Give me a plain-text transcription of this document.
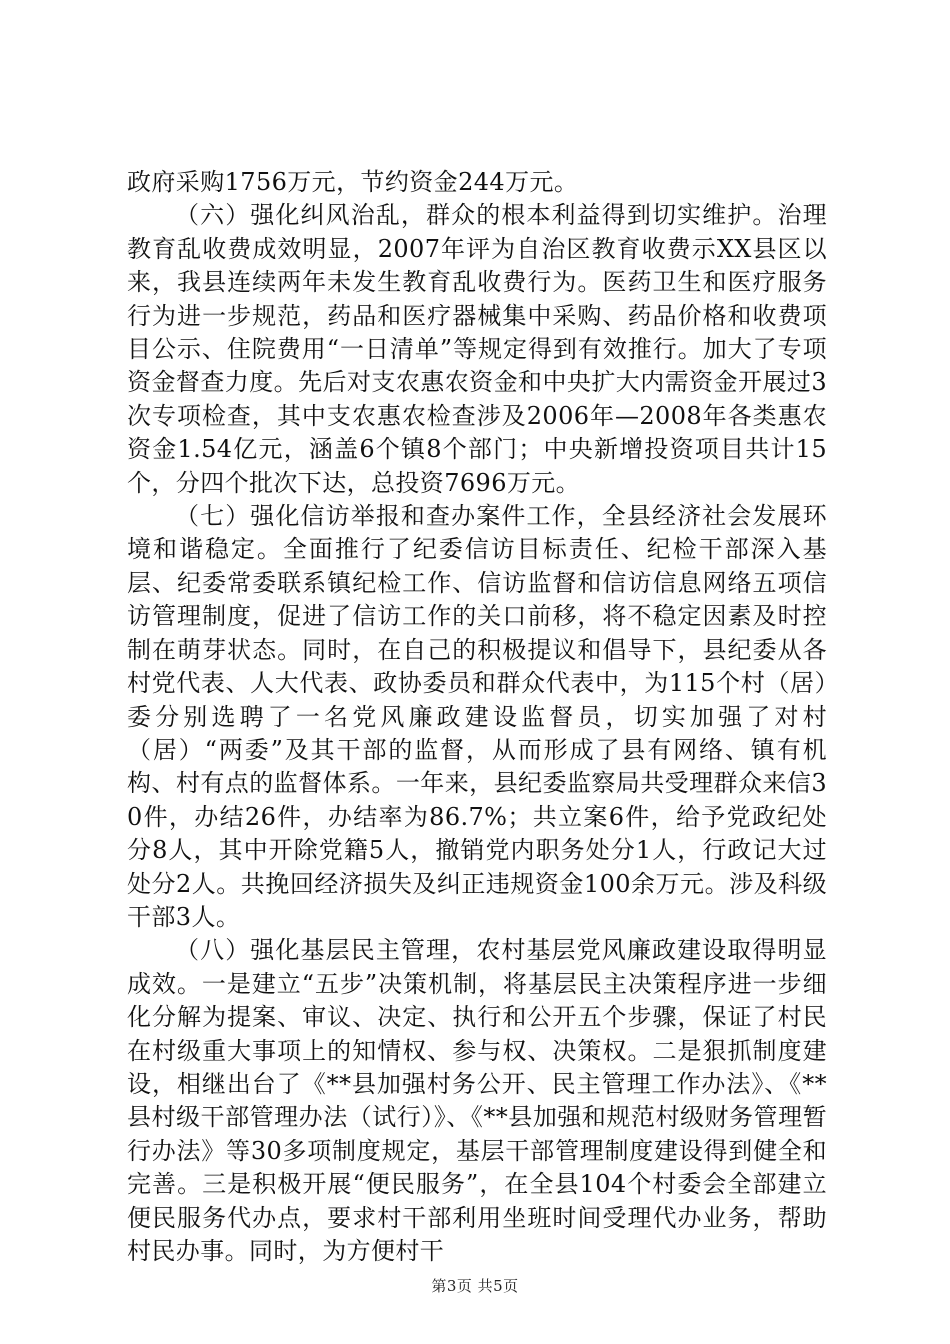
政府采购1756万元，节约资金244万元。

（六）强化纠风治乱，群众的根本利益得到切实维护。治理教育乱收费成效明显，2007年评为自治区教育收费示XX县区以来，我县连续两年未发生教育乱收费行为。医药卫生和医疗服务行为进一步规范，药品和医疗器械集中采购、药品价格和收费项目公示、住院费用“一日清单”等规定得到有效推行。加大了专项资金督查力度。先后对支农惠农资金和中央扩大内需资金开展过3次专项检查，其中支农惠农检查涉及2006年—2008年各类惠农资金1.54亿元，涵盖6个镇8个部门；中央新增投资项目共计15个，分四个批次下达，总投资7696万元。

（七）强化信访举报和查办案件工作，全县经济社会发展环境和谐稳定。全面推行了纪委信访目标责任、纪检干部深入基层、纪委常委联系镇纪检工作、信访监督和信访信息网络五项信访管理制度，促进了信访工作的关口前移，将不稳定因素及时控制在萌芽状态。同时，在自己的积极提议和倡导下，县纪委从各村党代表、人大代表、政协委员和群众代表中，为115个村（居）委分别选聘了一名党风廉政建设监督员，切实加强了对村（居）“两委”及其干部的监督，从而形成了县有网络、镇有机构、村有点的监督体系。一年来，县纪委监察局共受理群众来信30件，办结26件，办结率为86.7%；共立案6件，给予党政纪处分8人，其中开除党籍5人，撤销党内职务处分1人，行政记大过处分2人。共挽回经济损失及纠正违规资金100余万元。涉及科级干部3人。

（八）强化基层民主管理，农村基层党风廉政建设取得明显成效。一是建立“五步”决策机制，将基层民主决策程序进一步细化分解为提案、审议、决定、执行和公开五个步骤，保证了村民在村级重大事项上的知情权、参与权、决策权。二是狠抓制度建设，相继出台了《**县加强村务公开、民主管理工作办法》、《**县村级干部管理办法（试行）》、《**县加强和规范村级财务管理暂行办法》等30多项制度规定，基层干部管理制度建设得到健全和完善。三是积极开展“便民服务”，在全县104个村委会全部建立便民服务代办点，要求村干部利用坐班时间受理代办业务，帮助村民办事。同时，为方便村干

第3页 共5页
